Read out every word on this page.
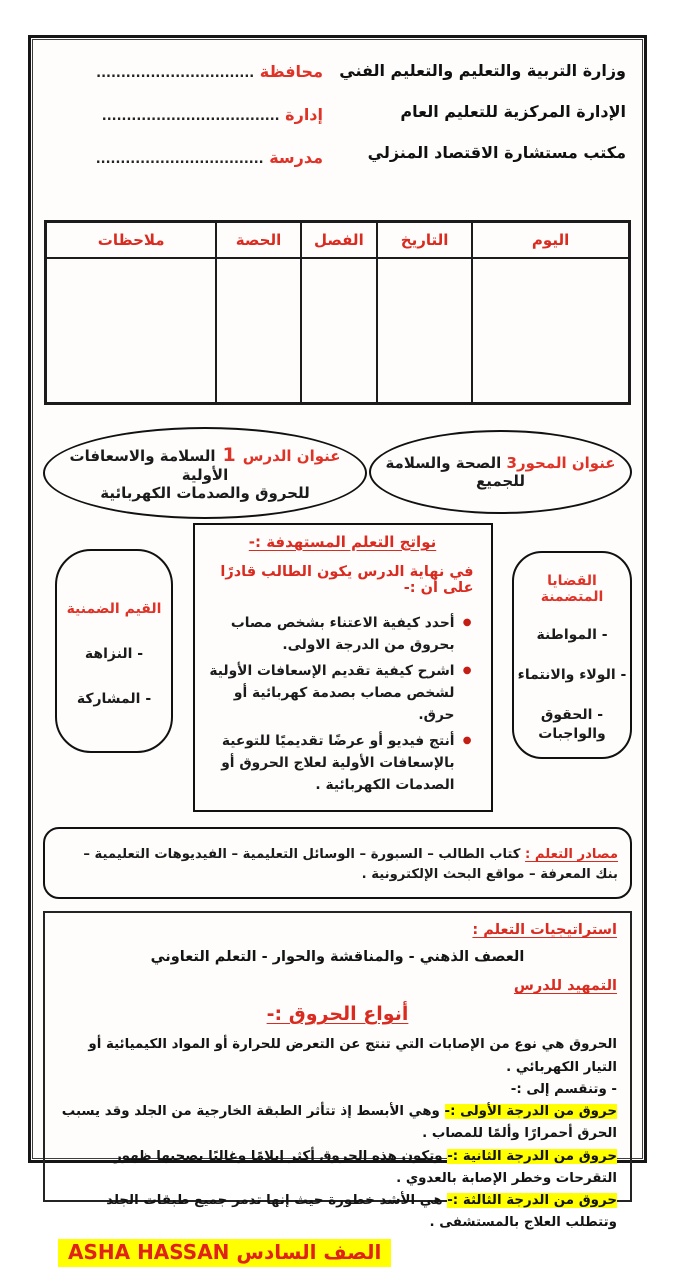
وزارة التربية والتعليم والتعليم الفني
الإدارة المركزية للتعليم العام
مكتب مستشارة الاقتصاد المنزلي
محافظة ................................
إدارة ....................................
مدرسة ..................................
اليوم	التاريخ	الفصل	الحصة	ملاحظات

عنوان المحور3 الصحة والسلامة للجميع
عنوان الدرس1السلامة والاسعافات الأولية
للحروق والصدمات الكهربائية
القضايا المتضمنة
- المواطنة
- الولاء والانتماء
- الحقوق والواجبات
نواتج التعلم المستهدفة :-
في نهاية الدرس يكون الطالب قادرًا على أن :-
● أحدد كيفية الاعتناء بشخص مصاب بحروق من الدرجة الاولى.
● اشرح كيفية تقديم الإسعافات الأولية لشخص مصاب بصدمة كهربائية أو حرق.
● أنتج فيديو أو عرضًا تقديميًا للتوعية بالإسعافات الأولية لعلاج الحروق أو الصدمات الكهربائية .
القيم الضمنية
- النزاهة
- المشاركة
مصادر التعلم : كتاب الطالب – السبورة – الوسائل التعليمية – الفيديوهات التعليمية – بنك المعرفة – مواقع البحث الإلكترونية .
استراتيجيات التعلم :
العصف الذهني - والمناقشة والحوار - التعلم التعاوني
التمهيد للدرس
أنواع الحروق :-
الحروق هي نوع من الإصابات التي تنتج عن التعرض للحرارة أو المواد الكيميائية أو التيار الكهربائي .
- وتنقسم إلى :-
حروق من الدرجة الأولى :- وهي الأبسط إذ تتأثر الطبقة الخارجية من الجلد وقد يسبب الحرق أحمرارًا وألمًا للمصاب .
حروق من الدرجة الثانية :- وتكون هذه الحروق أكثر إيلامًا وغالبًا يصحبها ظهور التقرحات وخطر الإصابة بالعدوي .
حروق من الدرجة الثالثة :- هي الأشد خطورة حيث إنها تدمر جميع طبقات الجلد وتتطلب العلاج بالمستشفى .
الصف السادس ASHA HASSAN
